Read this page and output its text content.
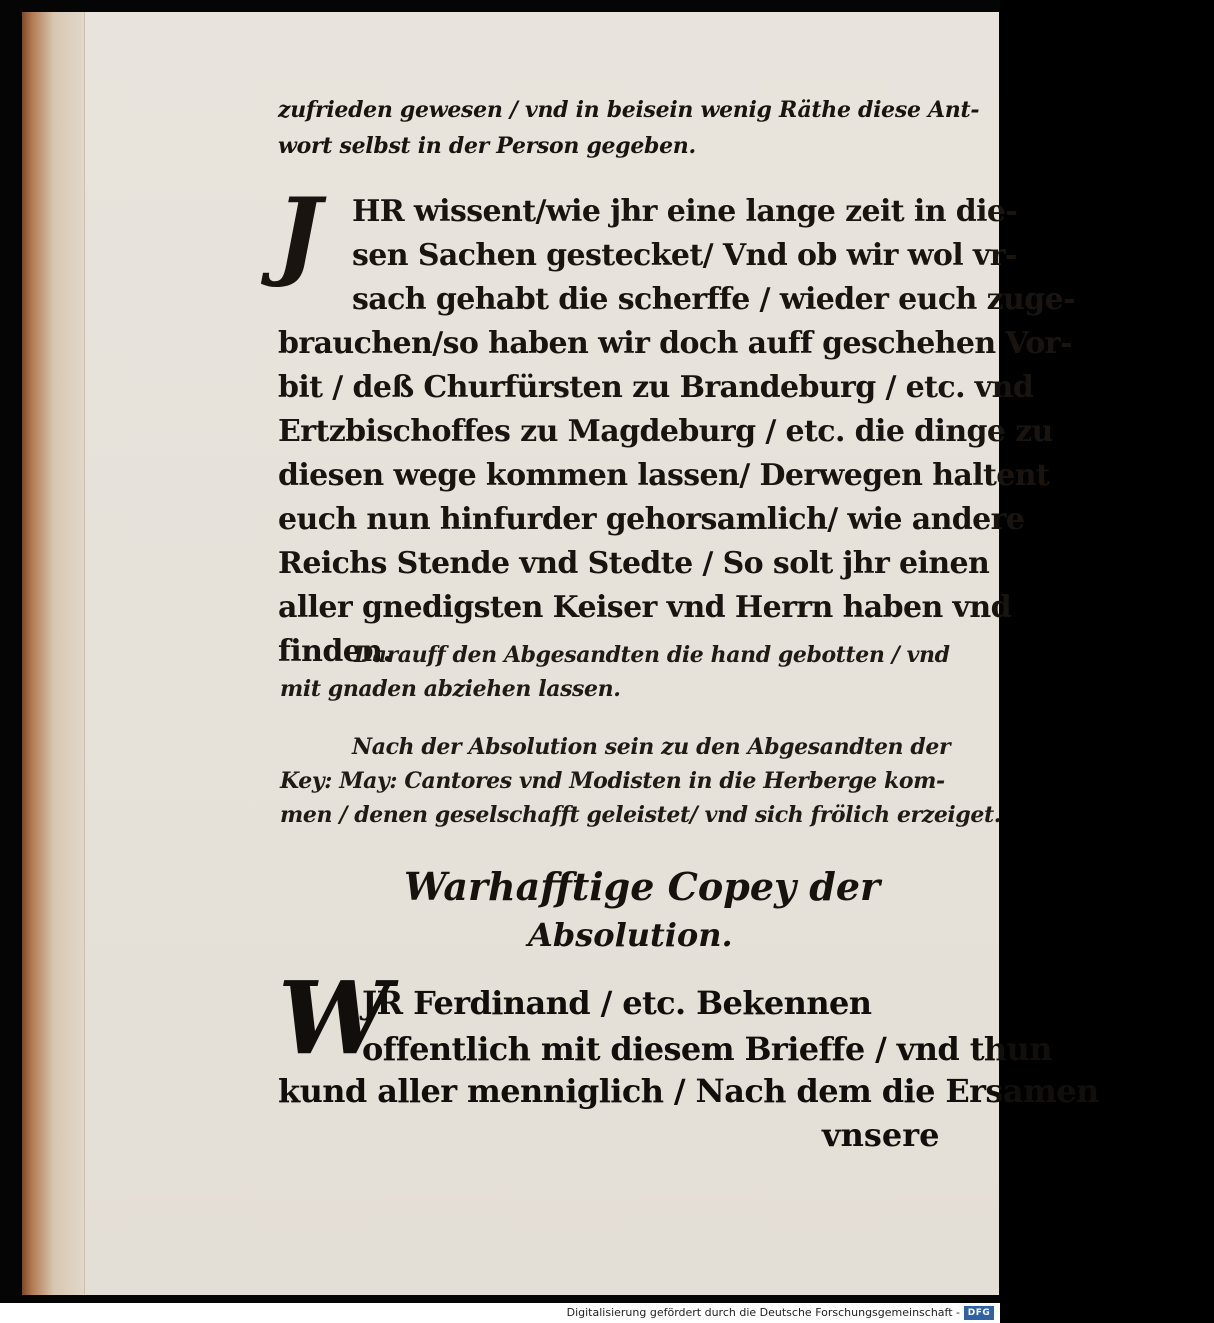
zufrieden gewesen / vnd in beisein wenig Räthe diese Ant-
wort selbst in der Person gegeben.
J HR wissent/wie jhr eine lange zeit in die-
sen Sachen gestecket/ Vnd ob wir wol vr-
sach gehabt die scherffe / wieder euch zuge-
brauchen/so haben wir doch auff geschehen Vor-
bit / deß Churfürsten zu Brandeburg / etc. vnd
Ertzbischoffes zu Magdeburg / etc. die dinge zu
diesen wege kommen lassen/ Derwegen haltent
euch nun hinfurder gehorsamlich/ wie andere
Reichs Stende vnd Stedte / So solt jhr einen
aller gnedigsten Keiser vnd Herrn haben vnd
finden.
Darauff den Abgesandten die hand gebotten / vnd
mit gnaden abziehen lassen.
Nach der Absolution sein zu den Abgesandten der
Key: May: Cantores vnd Modisten in die Herberge kom-
men / denen geselschafft geleistet/ vnd sich frölich erzeiget.
Warhafftige Copey der
Absolution.
W
JR Ferdinand / etc. Bekennen
offentlich mit diesem Brieffe / vnd thun
kund aller menniglich / Nach dem die Ersamen
vnsere
Digitalisierung gefördert durch die Deutsche Forschungsgemeinschaft - DFG
